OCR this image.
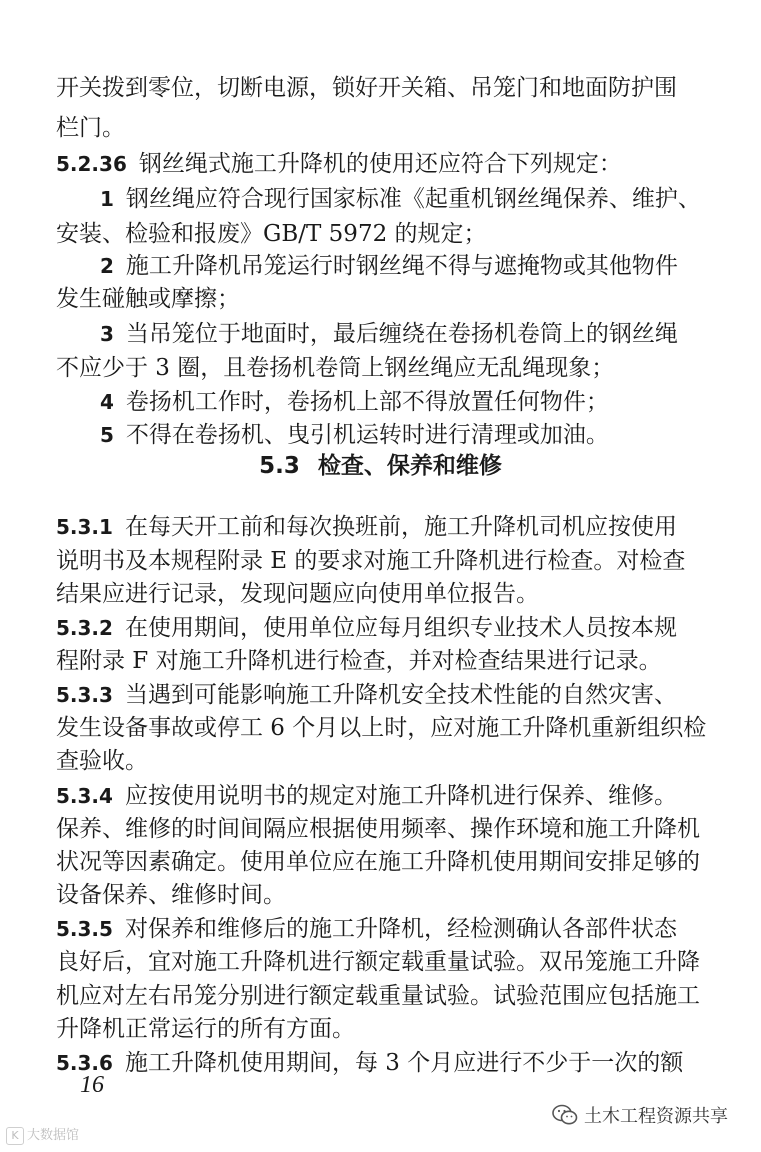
开关拨到零位，切断电源，锁好开关箱、吊笼门和地面防护围
栏门。
5.2.36 钢丝绳式施工升降机的使用还应符合下列规定：
1 钢丝绳应符合现行国家标准《起重机钢丝绳保养、维护、
安装、检验和报废》GB/T 5972 的规定；
2 施工升降机吊笼运行时钢丝绳不得与遮掩物或其他物件
发生碰触或摩擦；
3 当吊笼位于地面时，最后缠绕在卷扬机卷筒上的钢丝绳
不应少于 3 圈，且卷扬机卷筒上钢丝绳应无乱绳现象；
4 卷扬机工作时，卷扬机上部不得放置任何物件；
5 不得在卷扬机、曳引机运转时进行清理或加油。
5.3 检查、保养和维修
5.3.1 在每天开工前和每次换班前，施工升降机司机应按使用
说明书及本规程附录 E 的要求对施工升降机进行检查。对检查
结果应进行记录，发现问题应向使用单位报告。
5.3.2 在使用期间，使用单位应每月组织专业技术人员按本规
程附录 F 对施工升降机进行检查，并对检查结果进行记录。
5.3.3 当遇到可能影响施工升降机安全技术性能的自然灾害、
发生设备事故或停工 6 个月以上时，应对施工升降机重新组织检
查验收。
5.3.4 应按使用说明书的规定对施工升降机进行保养、维修。
保养、维修的时间间隔应根据使用频率、操作环境和施工升降机
状况等因素确定。使用单位应在施工升降机使用期间安排足够的
设备保养、维修时间。
5.3.5 对保养和维修后的施工升降机，经检测确认各部件状态
良好后，宜对施工升降机进行额定载重量试验。双吊笼施工升降
机应对左右吊笼分别进行额定载重量试验。试验范围应包括施工
升降机正常运行的所有方面。
5.3.6 施工升降机使用期间，每 3 个月应进行不少于一次的额
16
K 大数据馆
土木工程资源共享
